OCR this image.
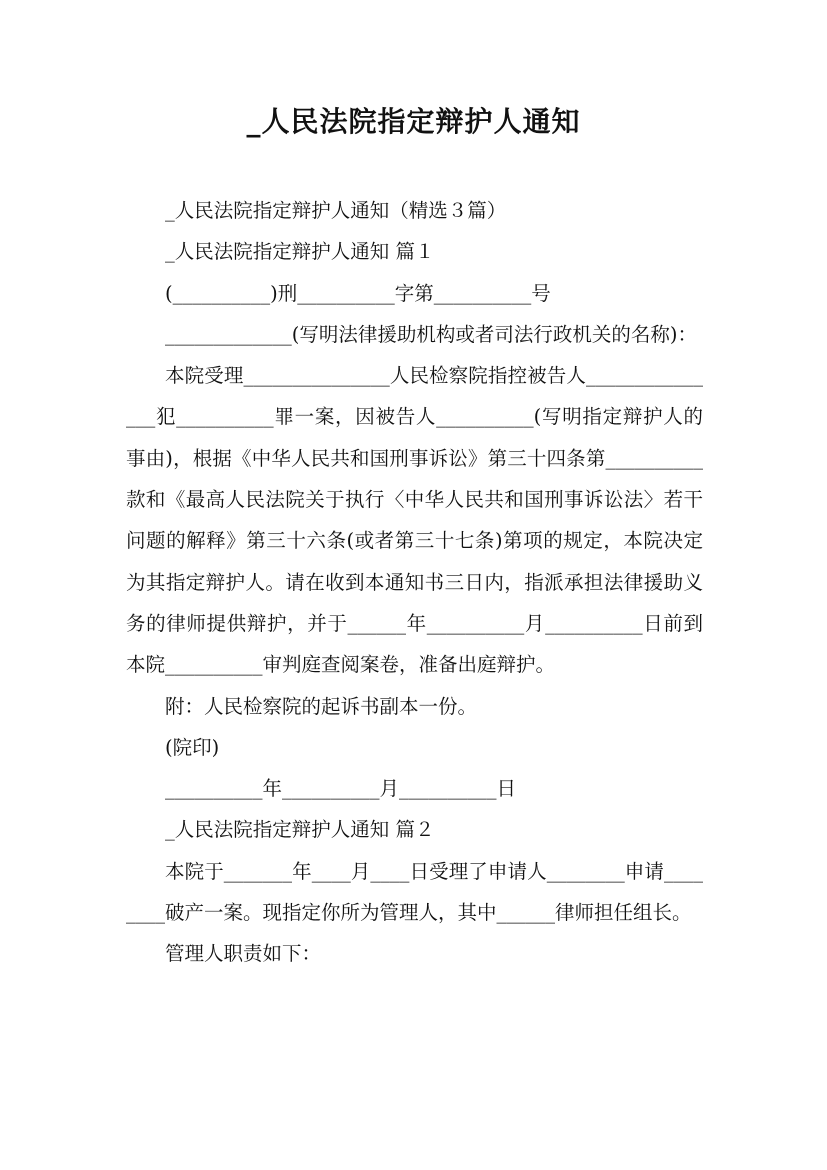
_人民法院指定辩护人通知

_人民法院指定辩护人通知（精选３篇）

_人民法院指定辩护人通知 篇１

(__________)刑__________字第__________号

_____________(写明法律援助机构或者司法行政机关的名称)：

本院受理_______________人民检察院指控被告人_______________犯__________罪一案，因被告人__________(写明指定辩护人的事由)，根据《中华人民共和国刑事诉讼》第三十四条第__________款和《最高人民法院关于执行〈中华人民共和国刑事诉讼法〉若干问题的解释》第三十六条(或者第三十七条)第项的规定，本院决定为其指定辩护人。请在收到本通知书三日内，指派承担法律援助义务的律师提供辩护，并于______年__________月__________日前到本院__________审判庭查阅案卷，准备出庭辩护。

附：人民检察院的起诉书副本一份。

(院印)

__________年__________月__________日

_人民法院指定辩护人通知 篇２

本院于_______年____月____日受理了申请人________申请________破产一案。现指定你所为管理人，其中______律师担任组长。

管理人职责如下：
